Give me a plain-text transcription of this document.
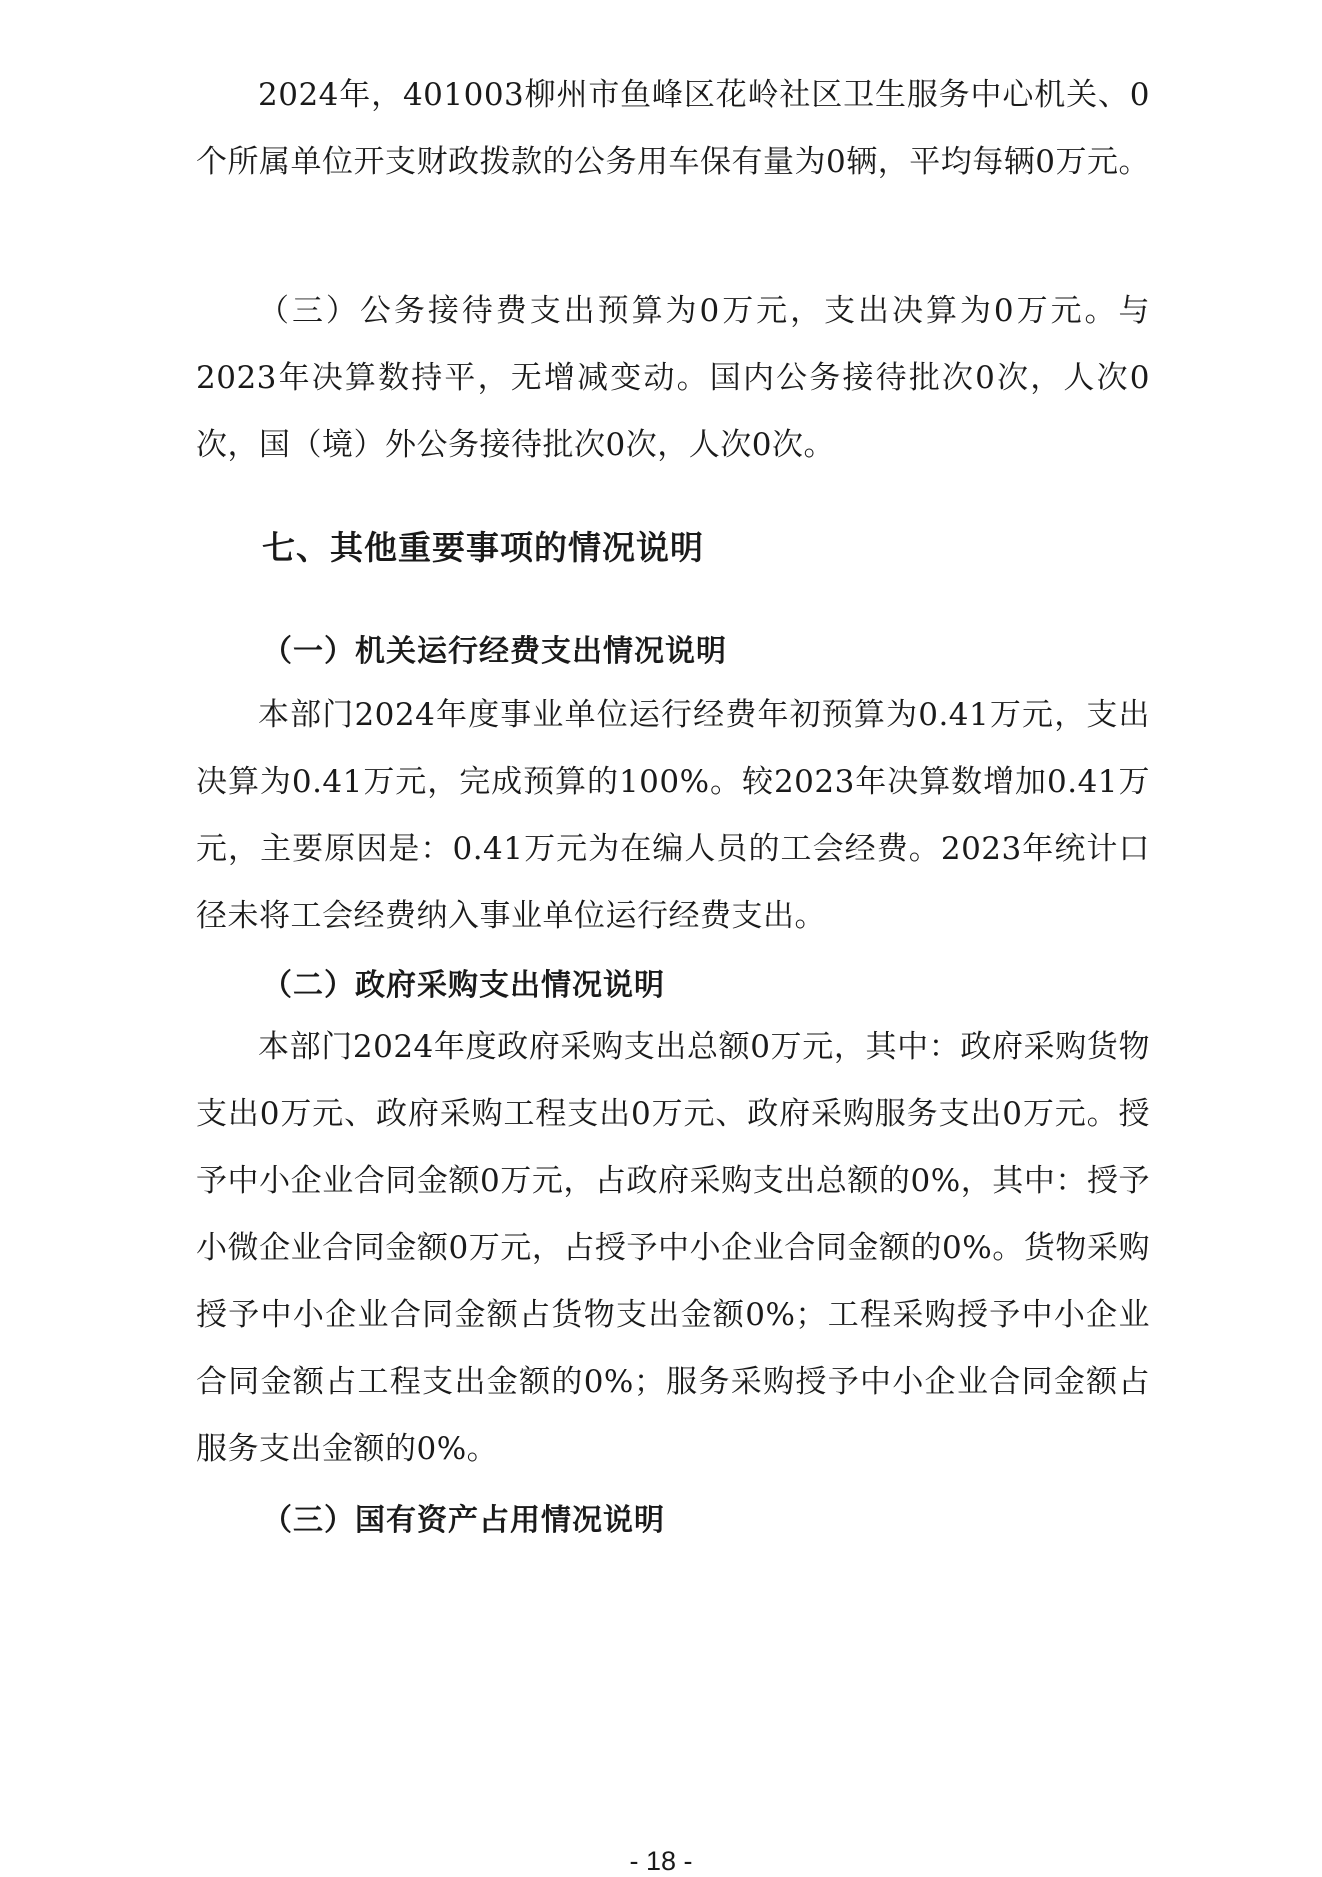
2024年，401003柳州市鱼峰区花岭社区卫生服务中心机关、0个所属单位开支财政拨款的公务用车保有量为0辆，平均每辆0万元。

（三）公务接待费支出预算为0万元，支出决算为0万元。与2023年决算数持平，无增减变动。国内公务接待批次0次，人次0次，国（境）外公务接待批次0次，人次0次。

七、其他重要事项的情况说明
（一）机关运行经费支出情况说明

本部门2024年度事业单位运行经费年初预算为0.41万元，支出决算为0.41万元，完成预算的100%。较2023年决算数增加0.41万元，主要原因是：0.41万元为在编人员的工会经费。2023年统计口径未将工会经费纳入事业单位运行经费支出。

（二）政府采购支出情况说明

本部门2024年度政府采购支出总额0万元，其中：政府采购货物支出0万元、政府采购工程支出0万元、政府采购服务支出0万元。授予中小企业合同金额0万元，占政府采购支出总额的0%，其中：授予小微企业合同金额0万元，占授予中小企业合同金额的0%。货物采购授予中小企业合同金额占货物支出金额0%；工程采购授予中小企业合同金额占工程支出金额的0%；服务采购授予中小企业合同金额占服务支出金额的0%。

（三）国有资产占用情况说明
- 18 -
